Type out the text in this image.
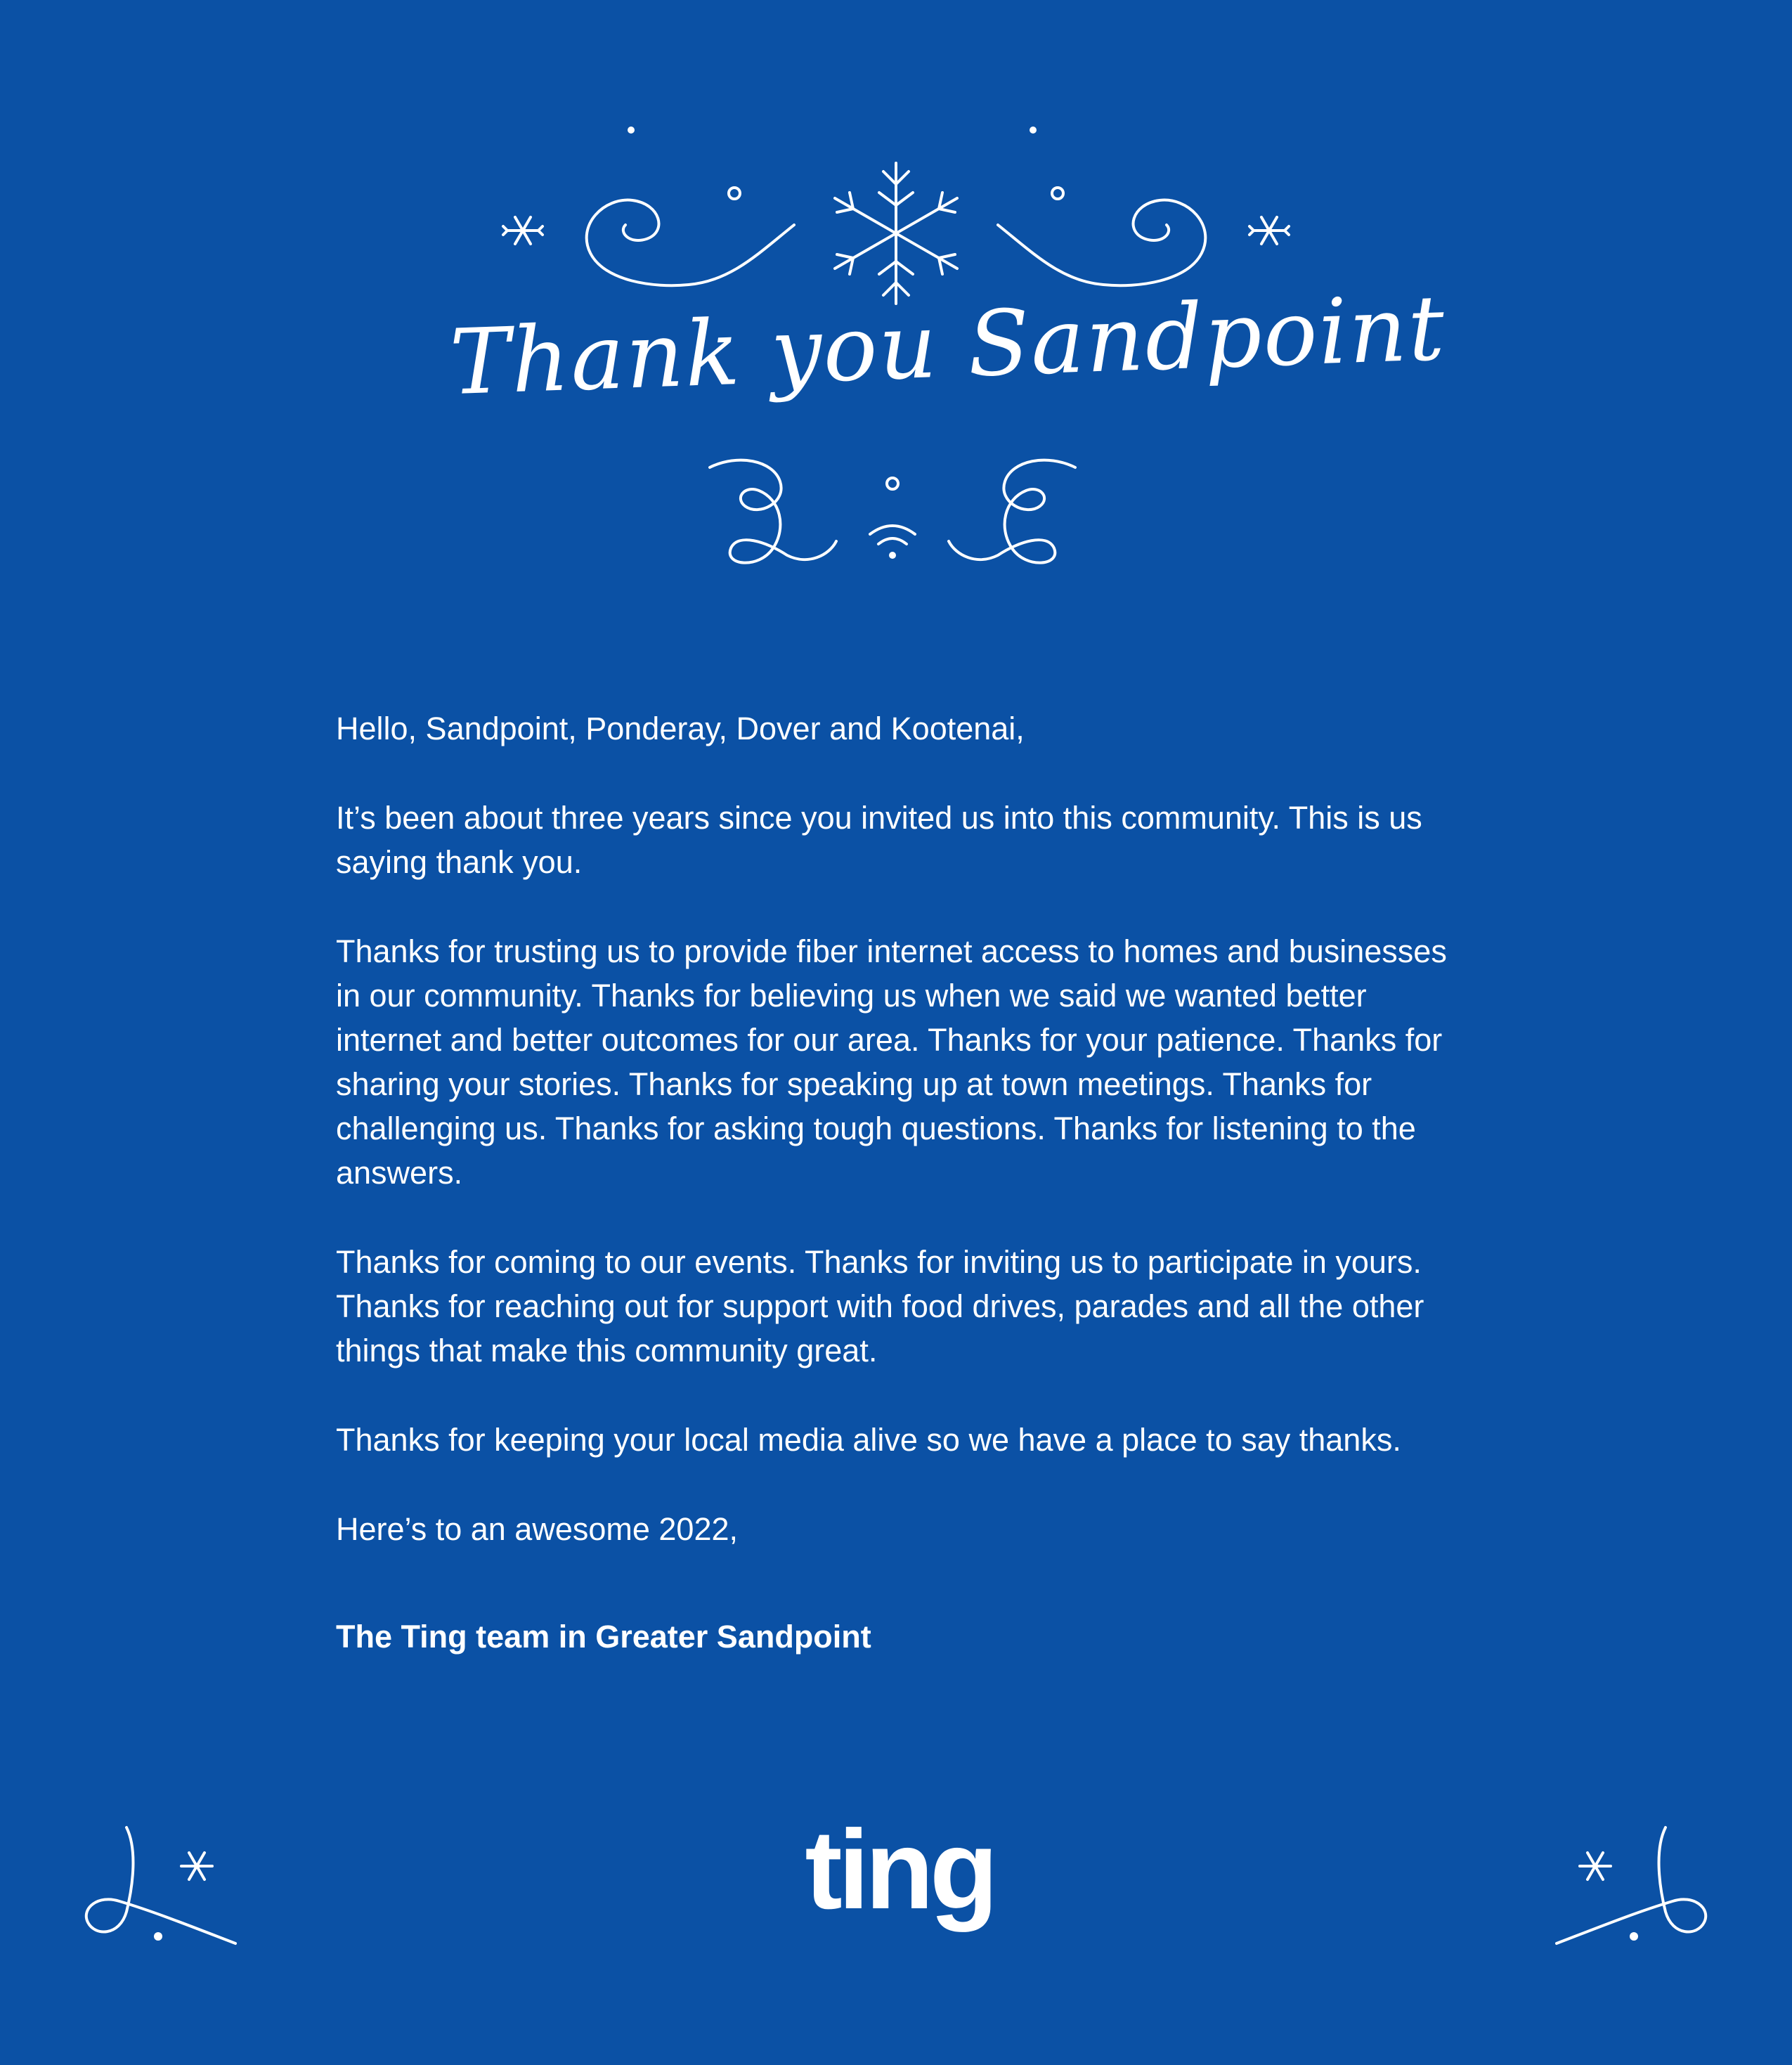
Thank you Sandpoint

Hello, Sandpoint, Ponderay, Dover and Kootenai,

It’s been about three years since you invited us into this community. This is us saying thank you.

Thanks for trusting us to provide fiber internet access to homes and businesses in our community. Thanks for believing us when we said we wanted better internet and better outcomes for our area. Thanks for your patience. Thanks for sharing your stories. Thanks for speaking up at town meetings. Thanks for challenging us. Thanks for asking tough questions. Thanks for listening to the answers.

Thanks for coming to our events. Thanks for inviting us to participate in yours. Thanks for reaching out for support with food drives, parades and all the other things that make this community great.

Thanks for keeping your local media alive so we have a place to say thanks.

Here’s to an awesome 2022,

The Ting team in Greater Sandpoint

ting
